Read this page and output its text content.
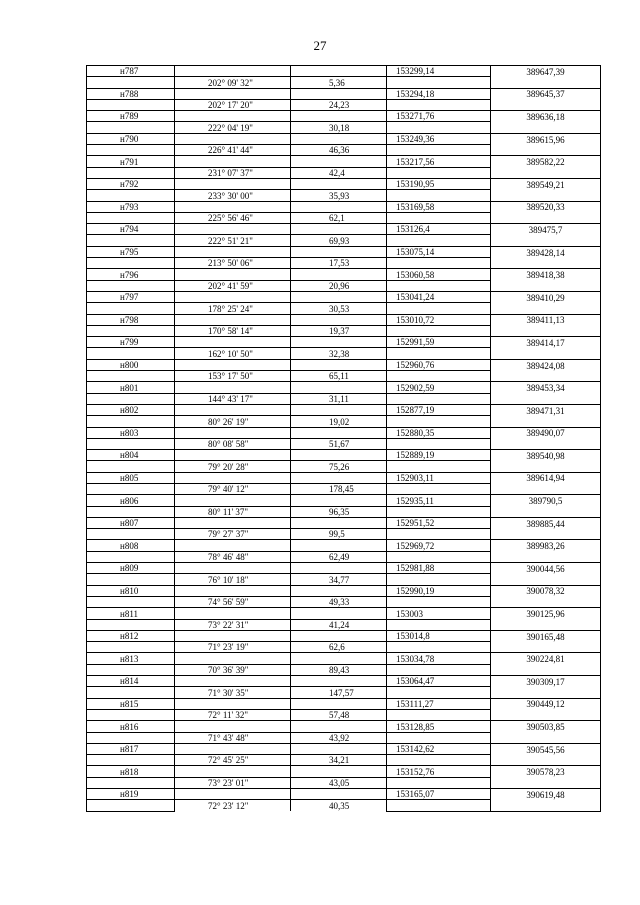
27
н787			153299,14	389647,39
	202° 09' 32"	5,36		
н788			153294,18	389645,37
	202° 17' 20"	24,23		
н789			153271,76	389636,18
	222° 04' 19"	30,18		
н790			153249,36	389615,96
	226° 41' 44"	46,36		
н791			153217,56	389582,22
	231° 07' 37"	42,4		
н792			153190,95	389549,21
	233° 30' 00"	35,93		
н793			153169,58	389520,33
	225° 56' 46"	62,1		
н794			153126,4	389475,7
	222° 51' 21"	69,93		
н795			153075,14	389428,14
	213° 50' 06"	17,53		
н796			153060,58	389418,38
	202° 41' 59"	20,96		
н797			153041,24	389410,29
	178° 25' 24"	30,53		
н798			153010,72	389411,13
	170° 58' 14"	19,37		
н799			152991,59	389414,17
	162° 10' 50"	32,38		
н800			152960,76	389424,08
	153° 17' 50"	65,11		
н801			152902,59	389453,34
	144° 43' 17"	31,11		
н802			152877,19	389471,31
	80° 26' 19"	19,02		
н803			152880,35	389490,07
	80° 08' 58"	51,67		
н804			152889,19	389540,98
	79° 20' 28"	75,26		
н805			152903,11	389614,94
	79° 40' 12"	178,45		
н806			152935,11	389790,5
	80° 11' 37"	96,35		
н807			152951,52	389885,44
	79° 27' 37"	99,5		
н808			152969,72	389983,26
	78° 46' 48"	62,49		
н809			152981,88	390044,56
	76° 10' 18"	34,77		
н810			152990,19	390078,32
	74° 56' 59"	49,33		
н811			153003	390125,96
	73° 22' 31"	41,24		
н812			153014,8	390165,48
	71° 23' 19"	62,6		
н813			153034,78	390224,81
	70° 36' 39"	89,43		
н814			153064,47	390309,17
	71° 30' 35"	147,57		
н815			153111,27	390449,12
	72° 11' 32"	57,48		
н816			153128,85	390503,85
	71° 43' 48"	43,92		
н817			153142,62	390545,56
	72° 45' 25"	34,21		
н818			153152,76	390578,23
	73° 23' 01"	43,05		
н819			153165,07	390619,48
	72° 23' 12"	40,35		
